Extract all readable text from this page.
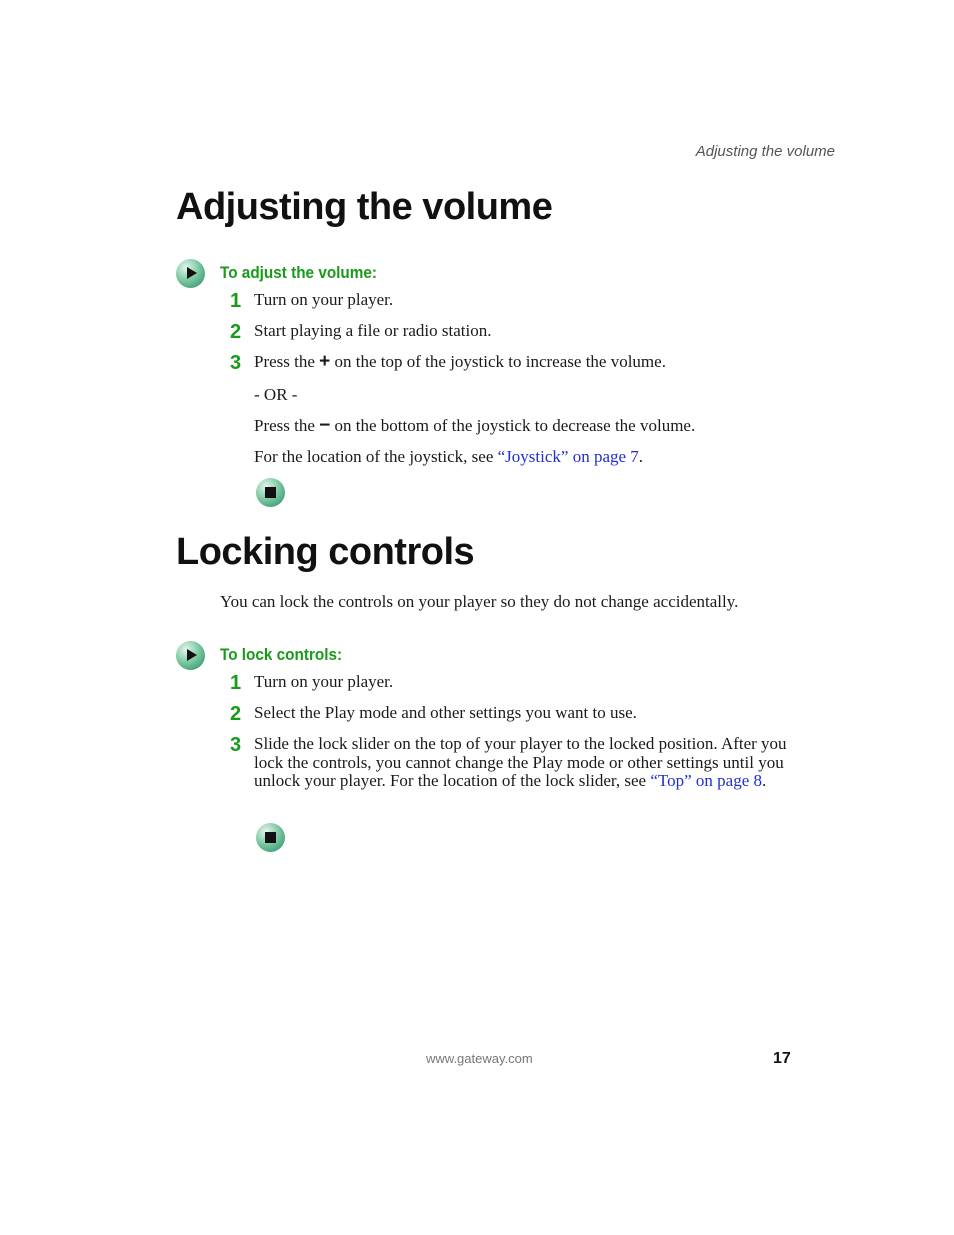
Adjusting the volume
Adjusting the volume
To adjust the volume:
1 Turn on your player.
2 Start playing a file or radio station.
3 Press the + on the top of the joystick to increase the volume.
- OR -
Press the − on the bottom of the joystick to decrease the volume.
For the location of the joystick, see “Joystick” on page 7.
Locking controls
You can lock the controls on your player so they do not change accidentally.
To lock controls:
1 Turn on your player.
2 Select the Play mode and other settings you want to use.
3 Slide the lock slider on the top of your player to the locked position. After you lock the controls, you cannot change the Play mode or other settings until you unlock your player. For the location of the lock slider, see “Top” on page 8.
www.gateway.com	17
